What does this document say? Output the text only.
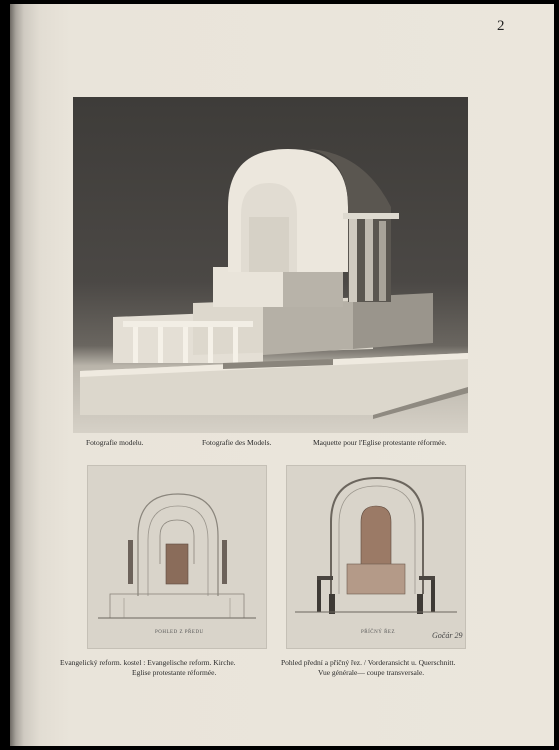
2
Fotografie modelu.	Fotografie des Models.	Maquette pour l'Eglise protestante réformée.
POHLED Z PŘEDU	PŘÍČNÝ ŘEZ	Gočár 29
Evangelický reform. kostel : Evangelische reform. Kirche.
Eglise protestante réformée.
Pohled přední a příčný řez. / Vorderansicht u. Querschnitt.
Vue générale— coupe transversale.
